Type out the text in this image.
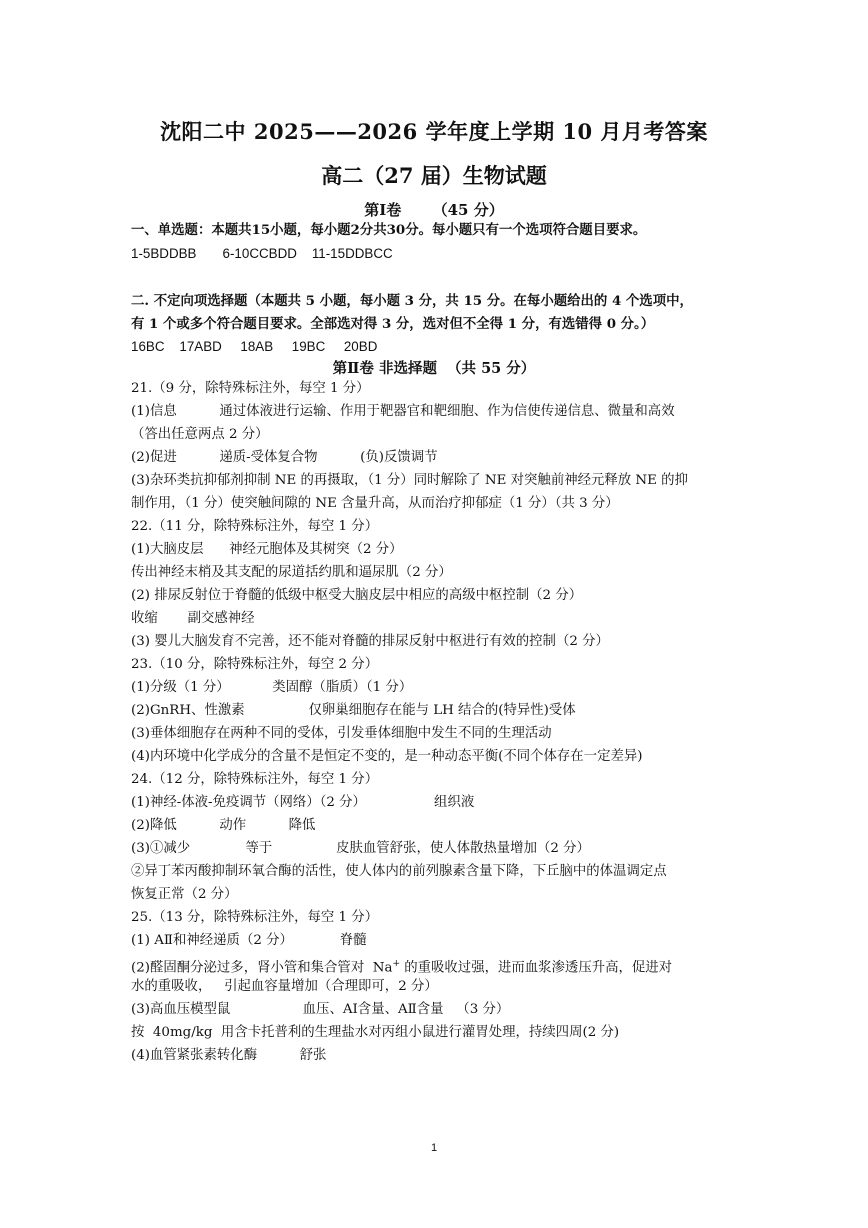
沈阳二中 2025——2026 学年度上学期 10 月月考答案
高二（27 届）生物试题
第Ⅰ卷      （45 分）
一、单选题：本题共15小题，每小题2分共30分。每小题只有一个选项符合题目要求。
1-5BDDBB       6-10CCBDD    11-15DDBCC
二. 不定向项选择题（本题共 5 小题，每小题 3 分，共 15 分。在每小题给出的 4 个选项中，
有 1 个或多个符合题目要求。全部选对得 3 分，选对但不全得 1 分，有选错得 0 分。）
16BC    17ABD     18AB     19BC     20BD
第Ⅱ卷 非选择题  （共 55 分）
21.（9 分，除特殊标注外，每空 1 分）
(1)信息          通过体液进行运输、作用于靶器官和靶细胞、作为信使传递信息、微量和高效
（答出任意两点 2 分）
(2)促进          递质-受体复合物          (负)反馈调节
(3)杂环类抗抑郁剂抑制 NE 的再摄取，（1 分）同时解除了 NE 对突触前神经元释放 NE 的抑
制作用，（1 分）使突触间隙的 NE 含量升高，从而治疗抑郁症（1 分）（共 3 分）
22.（11 分，除特殊标注外，每空 1 分）
(1)大脑皮层      神经元胞体及其树突（2 分）
传出神经末梢及其支配的尿道括约肌和逼尿肌（2 分）
(2) 排尿反射位于脊髓的低级中枢受大脑皮层中相应的高级中枢控制（2 分）
收缩       副交感神经
(3) 婴儿大脑发育不完善，还不能对脊髓的排尿反射中枢进行有效的控制（2 分）
23.（10 分，除特殊标注外，每空 2 分）
(1)分级（1 分）          类固醇（脂质）（1 分）
(2)GnRH、性激素               仅卵巢细胞存在能与 LH 结合的(特异性)受体
(3)垂体细胞存在两种不同的受体，引发垂体细胞中发生不同的生理活动
(4)内环境中化学成分的含量不是恒定不变的，是一种动态平衡(不同个体存在一定差异)
24.（12 分，除特殊标注外，每空 1 分）
(1)神经-体液-免疫调节（网络）（2 分）                组织液
(2)降低          动作          降低
(3)①减少             等于               皮肤血管舒张，使人体散热量增加（2 分）
②异丁苯丙酸抑制环氧合酶的活性，使人体内的前列腺素含量下降，下丘脑中的体温调定点
恢复正常（2 分）
25.（13 分，除特殊标注外，每空 1 分）
(1) AⅡ和神经递质（2 分）           脊髓
(2)醛固酮分泌过多，肾小管和集合管对  Na+ 的重吸收过强，进而血浆渗透压升高，促进对
水的重吸收，   引起血容量增加（合理即可，2 分）
(3)高血压模型鼠                 血压、AⅠ含量、AⅡ含量   （3 分）
按  40mg/kg  用含卡托普利的生理盐水对丙组小鼠进行灌胃处理，持续四周(2 分)
(4)血管紧张素转化酶          舒张
1
